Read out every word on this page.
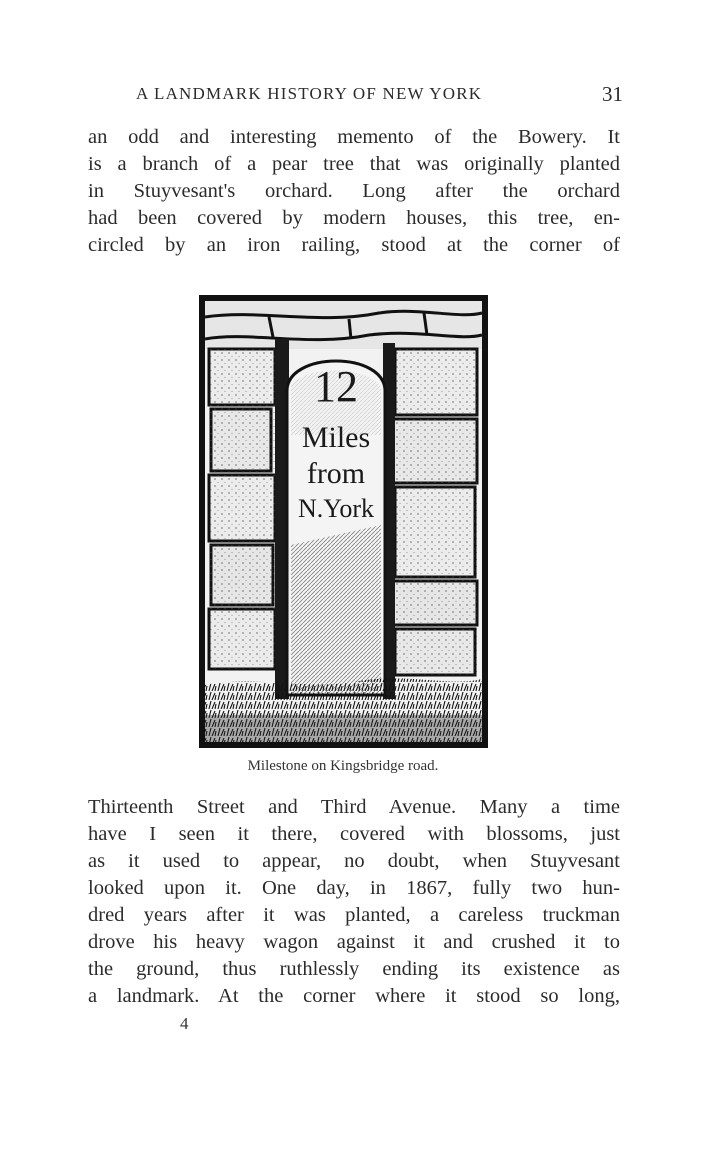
A LANDMARK HISTORY OF NEW YORK	31
an odd and interesting memento of the Bowery. It
is a branch of a pear tree that was originally planted
in Stuyvesant's orchard. Long after the orchard
had been covered by modern houses, this tree, en-
circled by an iron railing, stood at the corner of
12
Miles
from
N.York
Milestone on Kingsbridge road.
Thirteenth Street and Third Avenue. Many a time
have I seen it there, covered with blossoms, just
as it used to appear, no doubt, when Stuyvesant
looked upon it. One day, in 1867, fully two hun-
dred years after it was planted, a careless truckman
drove his heavy wagon against it and crushed it to
the ground, thus ruthlessly ending its existence as
a landmark. At the corner where it stood so long,
4
